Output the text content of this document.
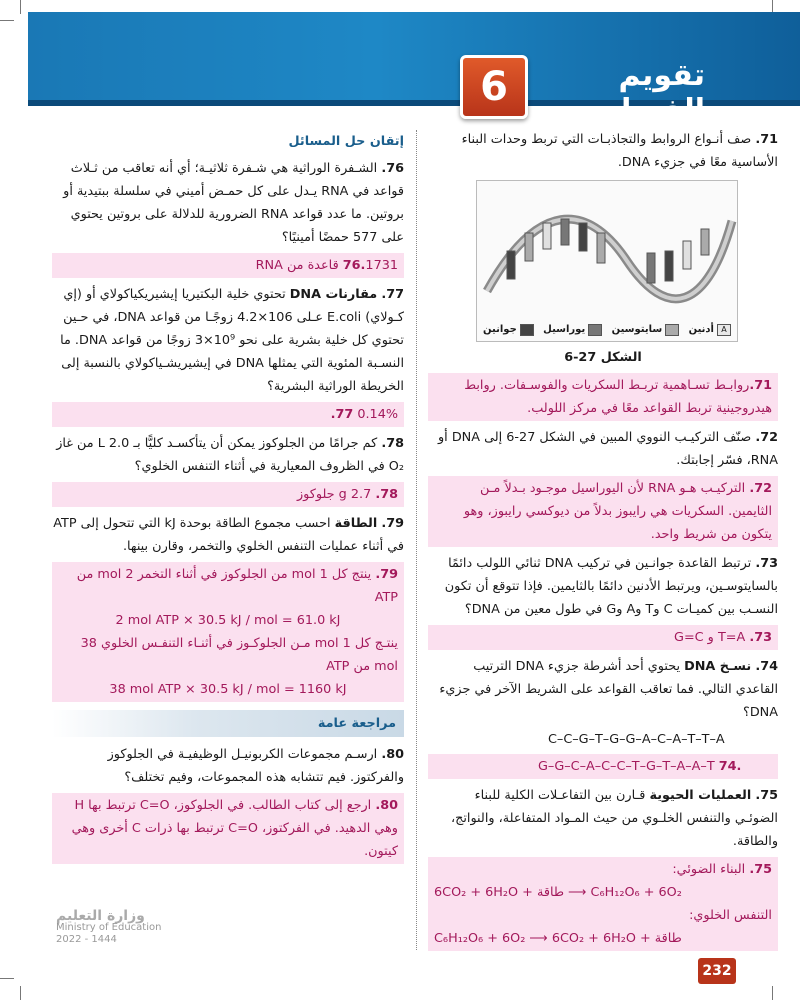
تقويم الفصل
6

71. صف أنـواع الروابط والتجاذبـات التي تربط وحدات البناء الأساسية معًا في جزيء DNA.

جوانين	يوراسيل	سايتوسين	A
أدنين

الشكل 27-6

71.روابـط تسـاهمية تربـط السكريات والفوسـفات. روابط هيدروجينية تربط القواعد معًا في مركز اللولب.

72. صنّف التركيـب النووي المبين في الشكل 27-6 إلى DNA أو RNA، فسّر إجابتك.

72. التركيـب هـو RNA لأن اليوراسيل موجـود بـدلاً مـن الثايمين. السكريات هي رايبوز بدلاً من ديوكسي رايبوز، وهو يتكون من شريط واحد.

73. ترتبط القاعدة جوانـين في تركيب DNA ثنائي اللولب دائمًا بالسايتوسـين، ويرتبط الأدنين دائمًا بالثايمين. فإذا تتوقع أن تكون النسـب بين كميـات C وT وA وG في طول معين من DNA؟

73. T=A و G=C

74. نسـخ DNA يحتوي أحد أشرطة جزيء DNA الترتيب القاعدي التالي. فما تعاقب القواعد على الشريط الآخر في جزيء DNA؟

C–C–G–T–G–G–A–C–A–T–T–A

G–G–C–A–C–C–T–G–T–A–A–T 74.

75. العمليات الحيوية قـارن بين التفاعـلات الكلية للبناء الضوئـي والتنفس الخلـوي من حيث المـواد المتفاعلة، والنواتج، والطاقة.

75. البناء الضوئي:
6CO₂ + 6H₂O + طاقة ⟶ C₆H₁₂O₆ + 6O₂
التنفس الخلوي:
C₆H₁₂O₆ + 6O₂ ⟶ 6CO₂ + 6H₂O + طاقة

إتقان حل المسائل

76. الشـفرة الوراثية هي شـفرة ثلاثيـة؛ أي أنه تعاقب من ثـلاث قواعد في RNA يـدل على كل حمـض أميني في سلسلة ببتيدية أو بروتين. ما عدد قواعد RNA الضرورية للدلالة على بروتين يحتوي على 577 حمضًا أمينيًا؟

76.1731 قاعدة من RNA

77. مقارنات DNA تحتوي خلية البكتيريا إيشيريكياكولاي أو (إي كـولاي) E.coli عـلى 106×4.2 زوجًـا من قواعد DNA، في حـين تحتوي كل خلية بشرية على نحو 10⁹×3 زوجًا من قواعد DNA. ما النسـبة المئوية التي يمثلها DNA في إيشيريشـياكولاي بالنسبة إلى الخريطة الوراثية البشرية؟

0.14% 77.

78. كم جرامًا من الجلوكوز يمكن أن يتأكسـد كليًّا بـ L 2.0 من غاز O₂ في الظروف المعيارية في أثناء التنفس الخلوي؟

78. 2.7 g جلوكوز

79. الطاقة احسب مجموع الطاقة بوحدة kJ التي تتحول إلى ATP في أثناء عمليات التنفس الخلوي والتخمر، وقارن بينها.

79. ينتج كل 1 mol من الجلوكوز في أثناء التخمر 2 mol من ATP
2 mol ATP × 30.5 kJ / mol = 61.0 kJ
ينتـج كل 1 mol مـن الجلوكـوز في أثنـاء التنفـس الخلوي 38 mol من ATP
38 mol ATP × 30.5 kJ / mol = 1160 kJ
مراجعة عامة

80. ارسـم مجموعات الكربونيـل الوظيفيـة في الجلوكوز والفركتوز. فيم تتشابه هذه المجموعات، وفيم تختلف؟

80. ارجع إلى كتاب الطالب. في الجلوكوز، C=O ترتبط بها H وهي الدهيد. في الفركتوز، C=O ترتبط بها ذرات C أخرى وهي كيتون.
وزارة التعليم
Ministry of Education
2022 - 1444
232
